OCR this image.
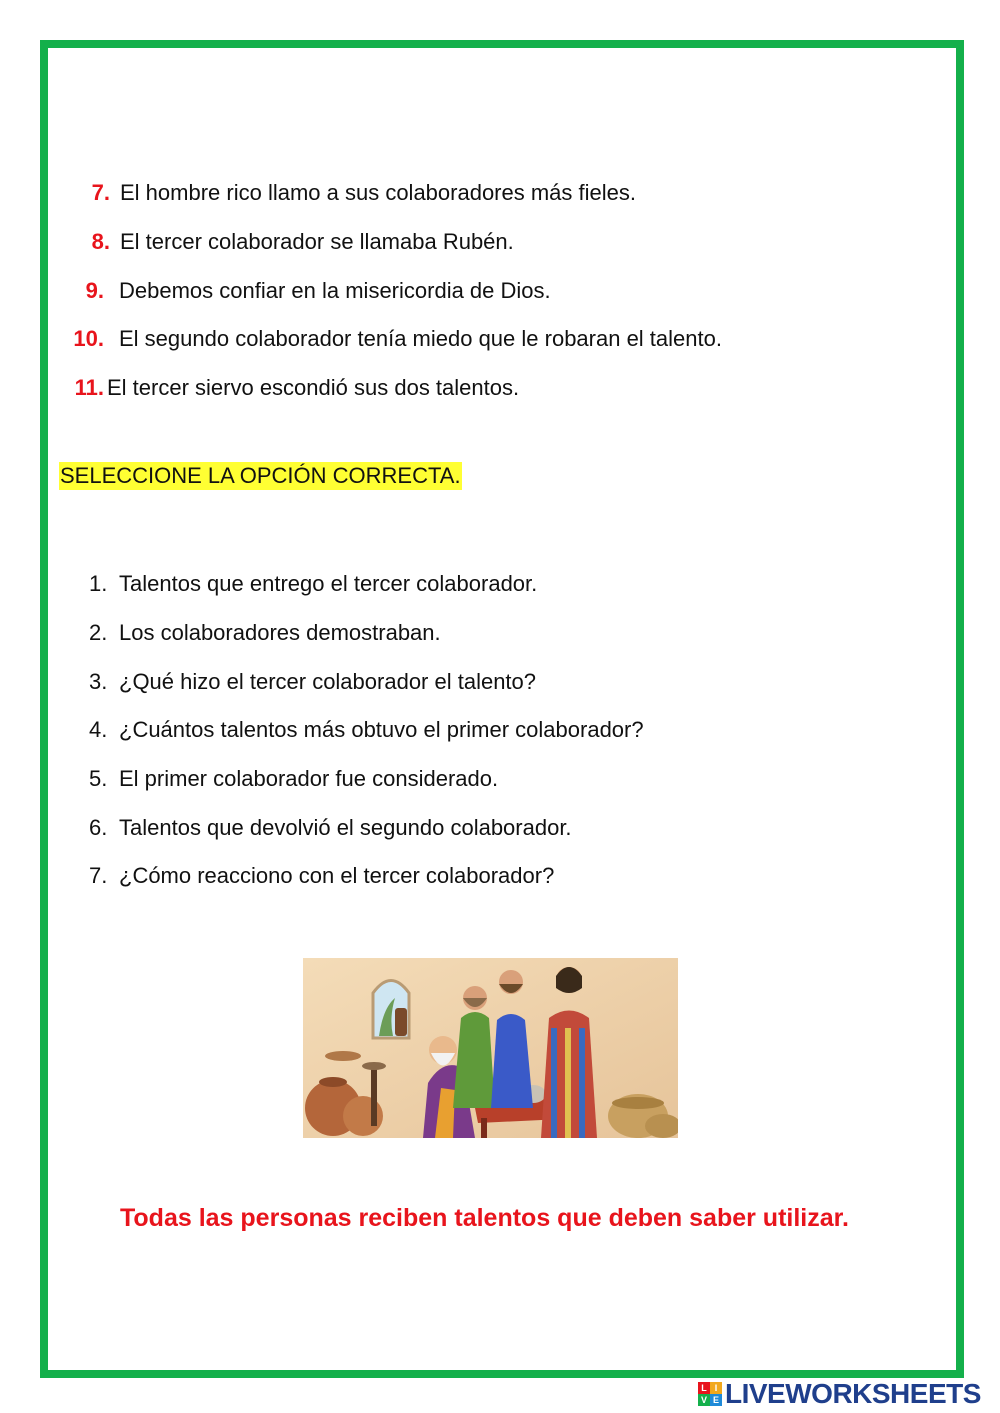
7. El hombre rico llamo a sus colaboradores más fieles.
8. El tercer colaborador se llamaba Rubén.
9. Debemos confiar en la misericordia de Dios.
10. El segundo colaborador tenía miedo que le robaran el talento.
11. El tercer siervo escondió sus dos talentos.
SELECCIONE LA OPCIÓN CORRECTA.
1. Talentos que entrego el tercer colaborador.
2. Los colaboradores demostraban.
3. ¿Qué hizo el tercer colaborador el talento?
4. ¿Cuántos talentos más obtuvo el primer colaborador?
5. El primer colaborador fue considerado.
6. Talentos que devolvió el segundo colaborador.
7. ¿Cómo reacciono con el tercer colaborador?
Todas las personas reciben talentos que deben saber utilizar.
L I
V E LIVEWORKSHEETS
